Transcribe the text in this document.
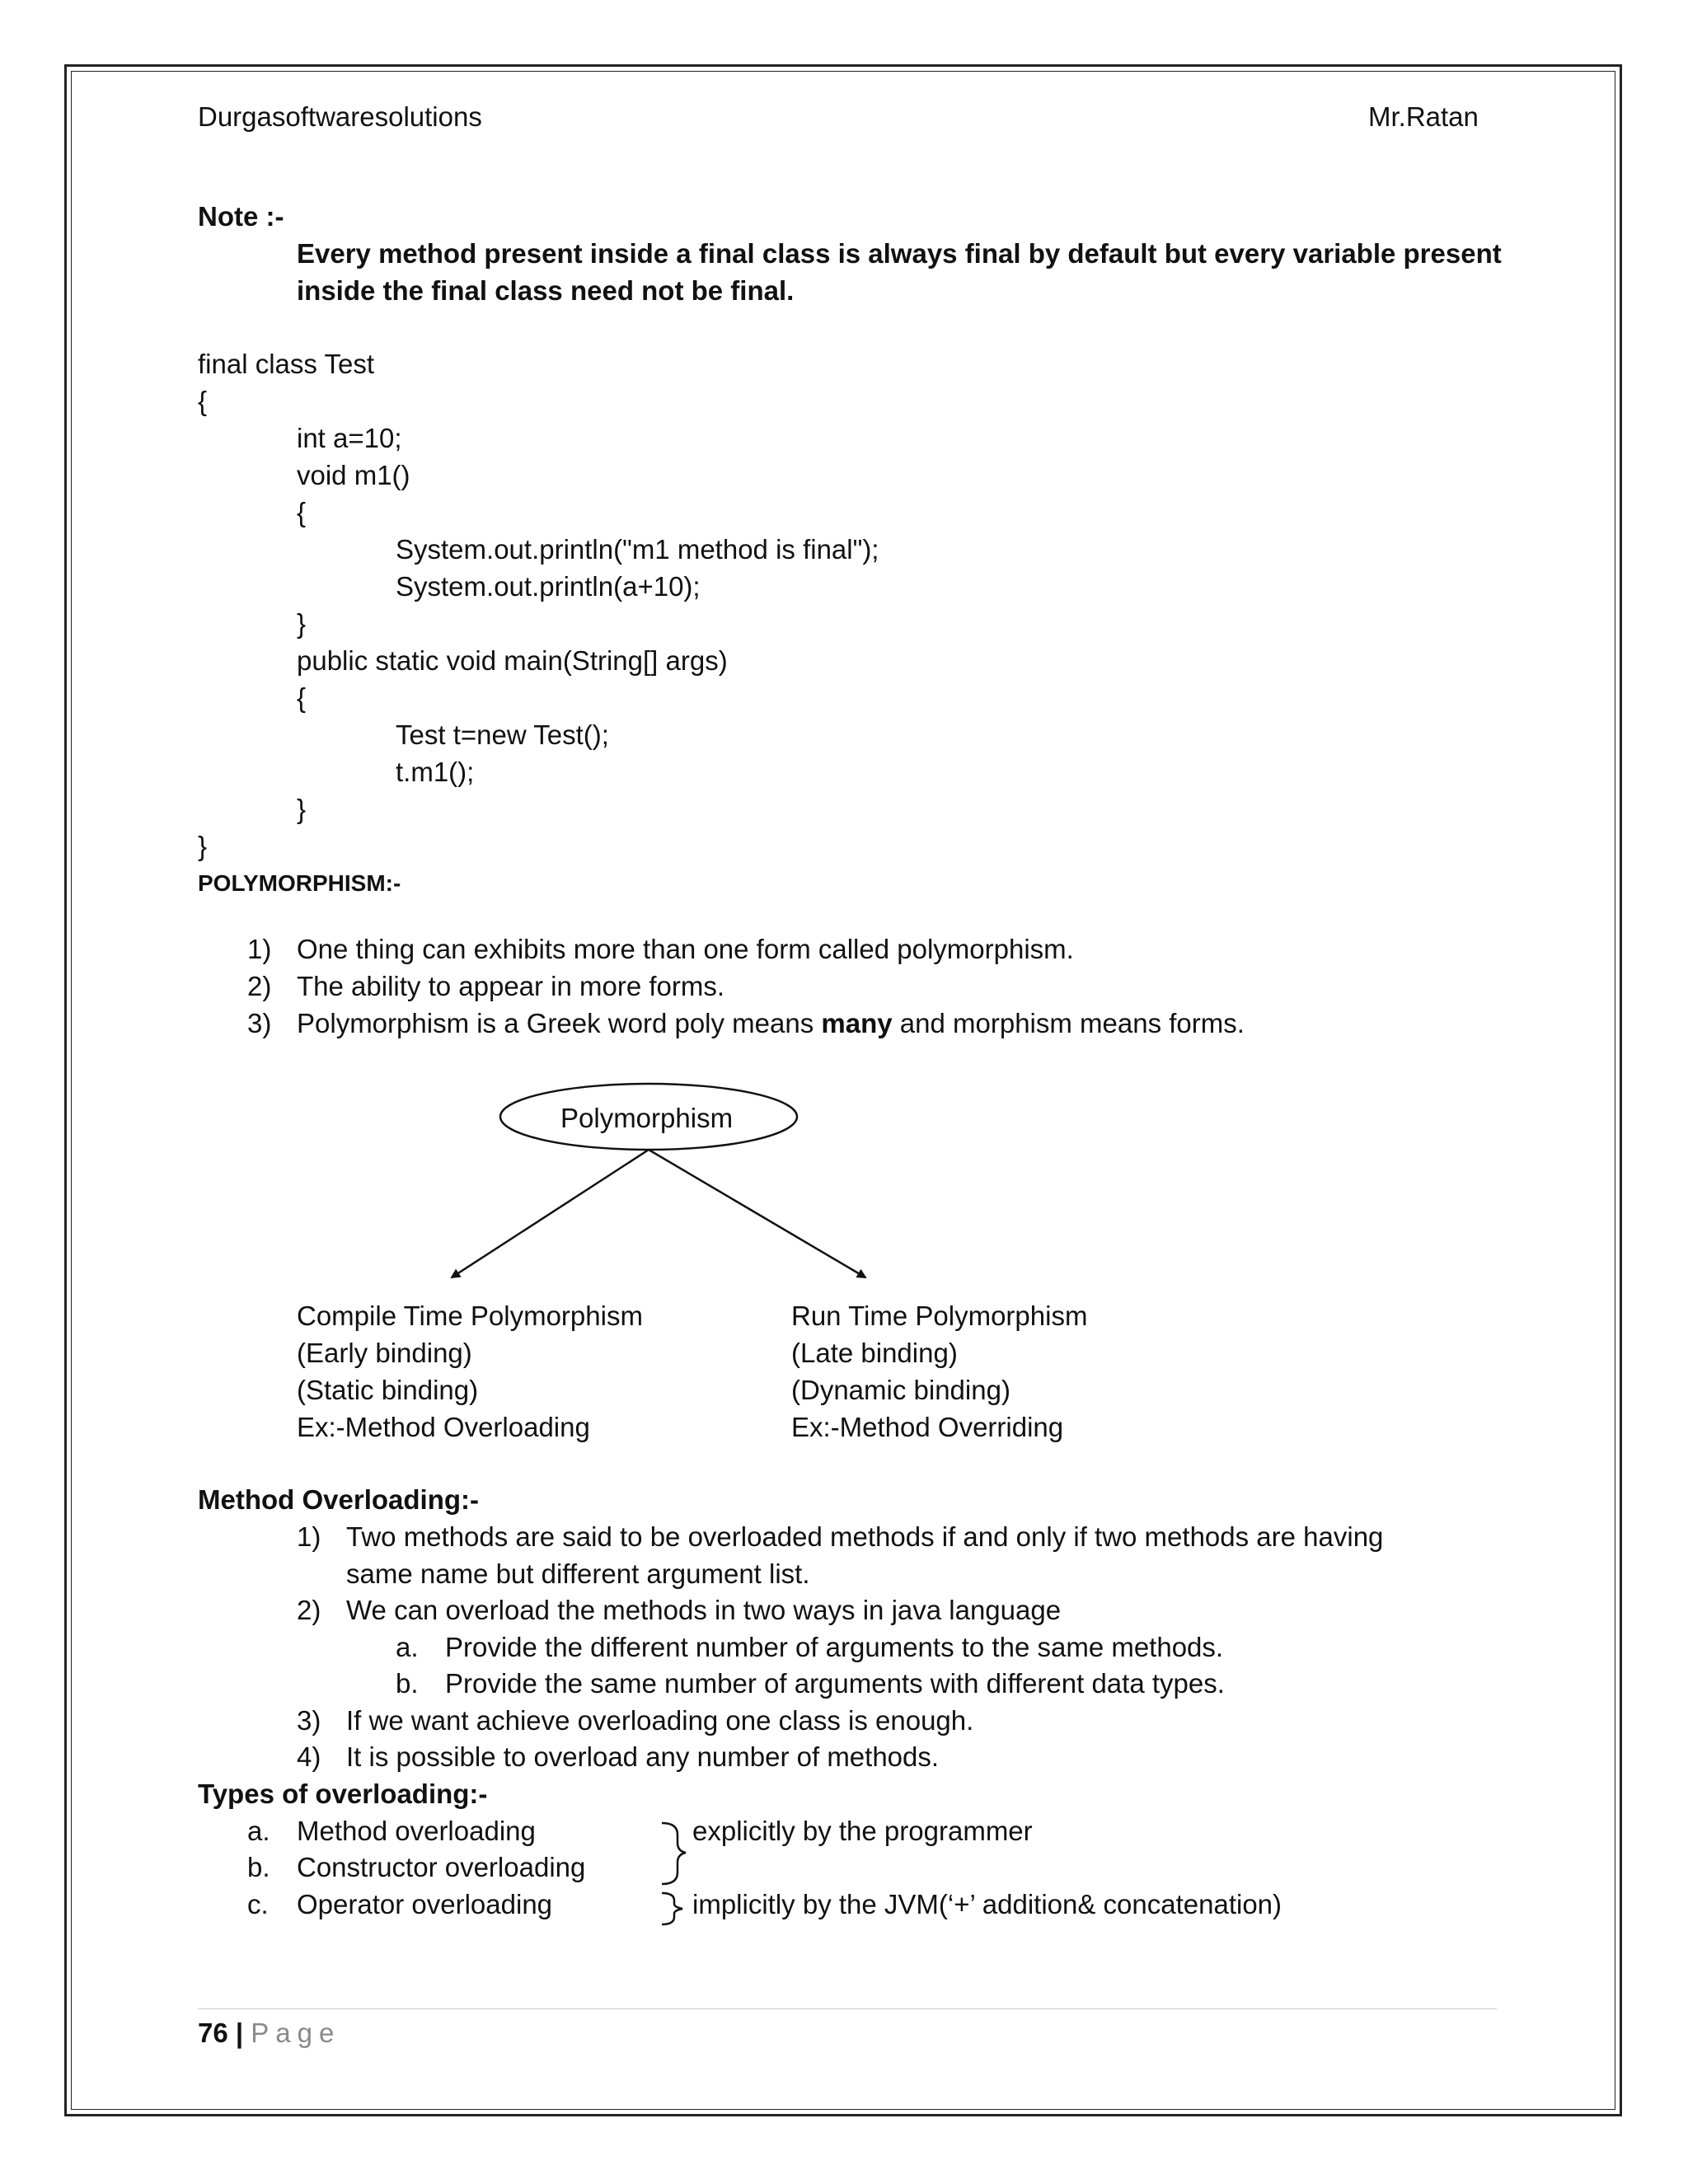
Durgasoftwaresolutions	Mr.Ratan
Note :-
Every method present inside a final class is always final by default but every variable present
inside the final class need not be final.
final class Test
{
int a=10;
void m1()
{
System.out.println("m1 method is final");
System.out.println(a+10);
}
public static void main(String[] args)
{
Test t=new Test();
t.m1();
}
}
POLYMORPHISM:-
1) One thing can exhibits more than one form called polymorphism.
2) The ability to appear in more forms.
3) Polymorphism is a Greek word poly means many and morphism means forms.
Polymorphism
Compile Time Polymorphism
(Early binding)
(Static binding)
Ex:-Method Overloading
Run Time Polymorphism
(Late binding)
(Dynamic binding)
Ex:-Method Overriding
Method Overloading:-
1) Two methods are said to be overloaded methods if and only if two methods are having
same name but different argument list.
2) We can overload the methods in two ways in java language
a. Provide the different number of arguments to the same methods.
b. Provide the same number of arguments with different data types.
3) If we want achieve overloading one class is enough.
4) It is possible to overload any number of methods.
Types of overloading:-
a. Method overloading
b. Constructor overloading
c. Operator overloading
explicitly by the programmer
implicitly by the JVM(‘+’ addition& concatenation)
76 | Page
